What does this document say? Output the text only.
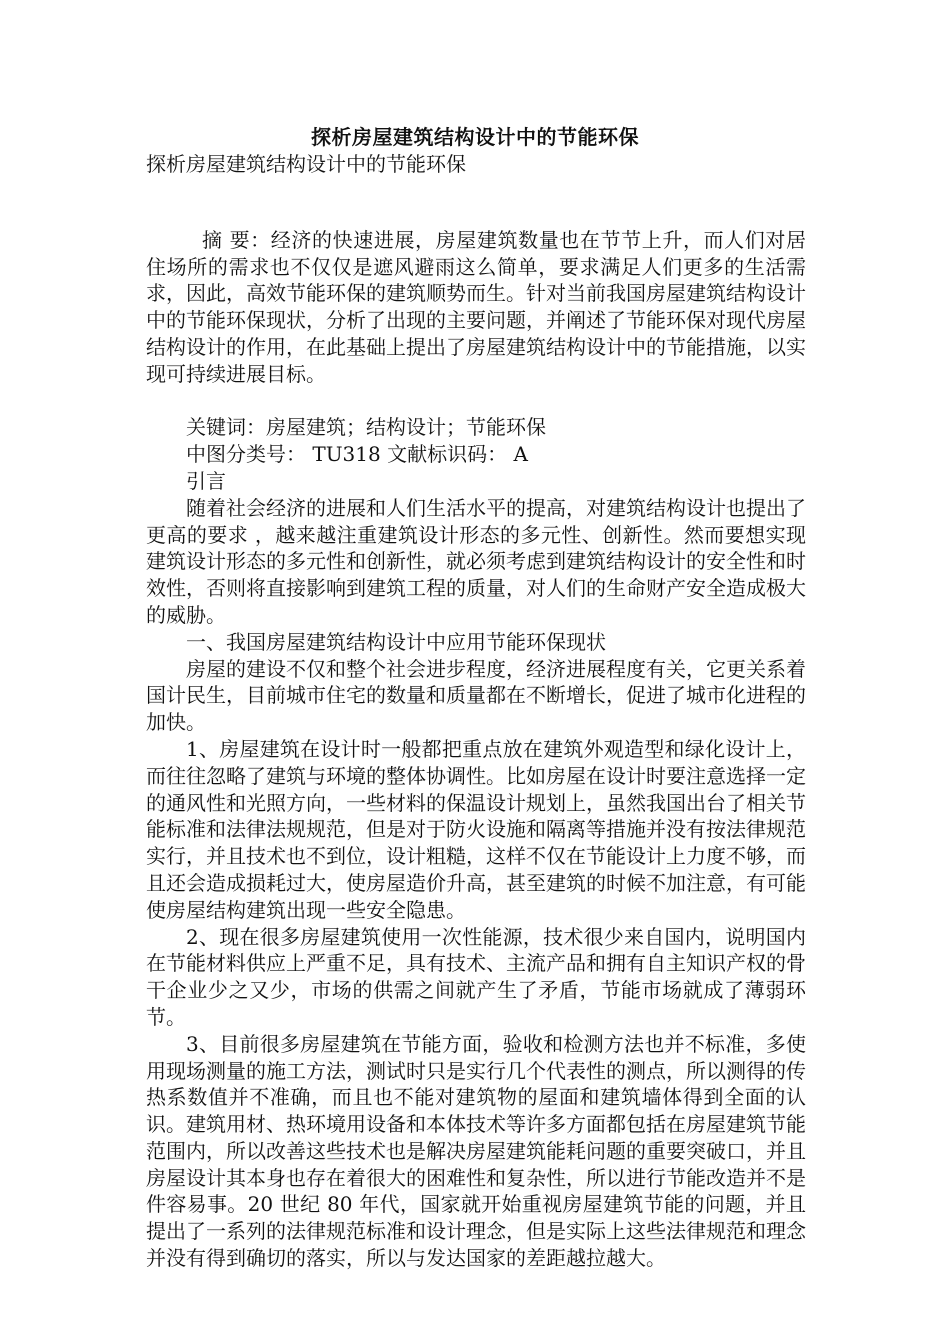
探析房屋建筑结构设计中的节能环保
探析房屋建筑结构设计中的节能环保

摘 要：经济的快速进展，房屋建筑数量也在节节上升，而人们对居住场所的需求也不仅仅是遮风避雨这么简单，要求满足人们更多的生活需求，因此，高效节能环保的建筑顺势而生。针对当前我国房屋建筑结构设计中的节能环保现状，分析了出现的主要问题，并阐述了节能环保对现代房屋结构设计的作用，在此基础上提出了房屋建筑结构设计中的节能措施，以实现可持续进展目标。

关键词：房屋建筑；结构设计；节能环保

中图分类号： TU318 文献标识码： A

引言

随着社会经济的进展和人们生活水平的提高，对建筑结构设计也提出了更高的要求 ，越来越注重建筑设计形态的多元性、创新性。然而要想实现建筑设计形态的多元性和创新性，就必须考虑到建筑结构设计的安全性和时效性，否则将直接影响到建筑工程的质量，对人们的生命财产安全造成极大的威胁。

一、我国房屋建筑结构设计中应用节能环保现状

房屋的建设不仅和整个社会进步程度，经济进展程度有关，它更关系着国计民生，目前城市住宅的数量和质量都在不断增长，促进了城市化进程的加快。

1、房屋建筑在设计时一般都把重点放在建筑外观造型和绿化设计上，而往往忽略了建筑与环境的整体协调性。比如房屋在设计时要注意选择一定的通风性和光照方向，一些材料的保温设计规划上，虽然我国出台了相关节能标准和法律法规规范，但是对于防火设施和隔离等措施并没有按法律规范实行，并且技术也不到位，设计粗糙，这样不仅在节能设计上力度不够，而且还会造成损耗过大，使房屋造价升高，甚至建筑的时候不加注意，有可能使房屋结构建筑出现一些安全隐患。

2、现在很多房屋建筑使用一次性能源，技术很少来自国内，说明国内在节能材料供应上严重不足，具有技术、主流产品和拥有自主知识产权的骨干企业少之又少，市场的供需之间就产生了矛盾，节能市场就成了薄弱环节。

3、目前很多房屋建筑在节能方面，验收和检测方法也并不标准，多使用现场测量的施工方法，测试时只是实行几个代表性的测点，所以测得的传热系数值并不准确，而且也不能对建筑物的屋面和建筑墙体得到全面的认识。建筑用材、热环境用设备和本体技术等许多方面都包括在房屋建筑节能范围内，所以改善这些技术也是解决房屋建筑能耗问题的重要突破口，并且房屋设计其本身也存在着很大的困难性和复杂性，所以进行节能改造并不是件容易事。20 世纪 80 年代，国家就开始重视房屋建筑节能的问题，并且提出了一系列的法律规范标准和设计理念，但是实际上这些法律规范和理念并没有得到确切的落实，所以与发达国家的差距越拉越大。
